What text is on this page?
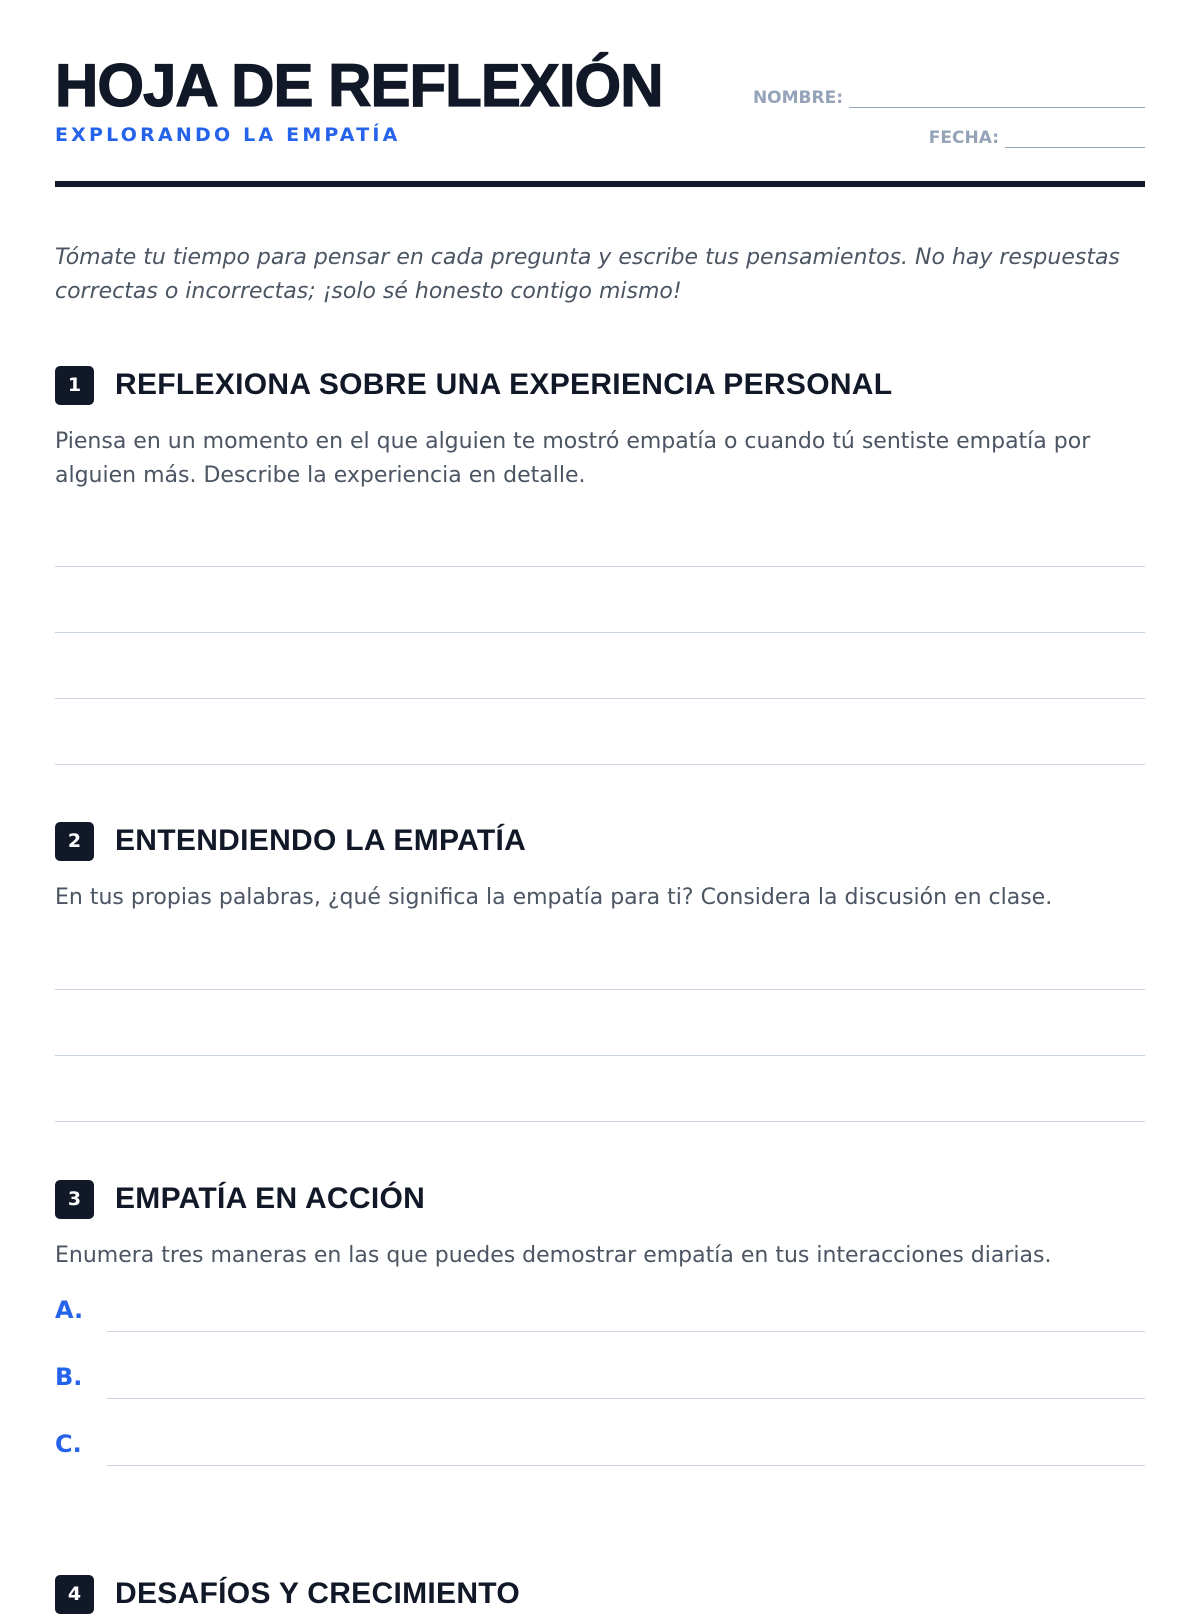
HOJA DE REFLEXIÓN
EXPLORANDO LA EMPATÍA
NOMBRE:
FECHA:

Tómate tu tiempo para pensar en cada pregunta y escribe tus pensamientos. No hay respuestas correctas o incorrectas; ¡solo sé honesto contigo mismo!

1	REFLEXIONA SOBRE UNA EXPERIENCIA PERSONAL

Piensa en un momento en el que alguien te mostró empatía o cuando tú sentiste empatía por alguien más. Describe la experiencia en detalle.

2	ENTENDIENDO LA EMPATÍA

En tus propias palabras, ¿qué significa la empatía para ti? Considera la discusión en clase.

3	EMPATÍA EN ACCIÓN

Enumera tres maneras en las que puedes demostrar empatía en tus interacciones diarias.

A.
B.
C.
4	DESAFÍOS Y CRECIMIENTO
